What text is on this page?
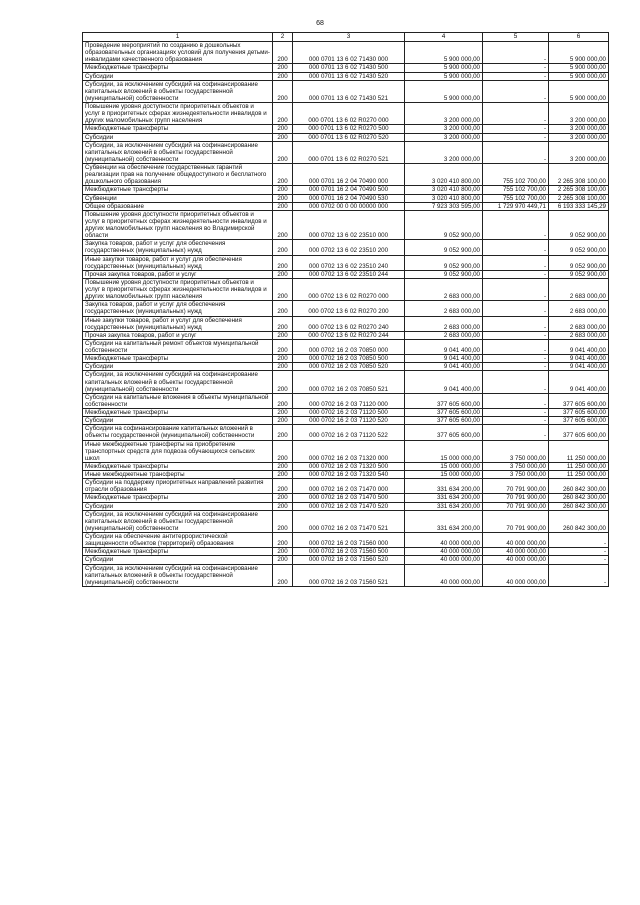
68
1	2	3	4	5	6
Проведение мероприятий по созданию в дошкольных образовательных организациях условий для получения детьми-инвалидами качественного образования	200	000 0701 13 6 02 71430 000	5 900 000,00	-	5 900 000,00
Межбюджетные трансферты	200	000 0701 13 6 02 71430 500	5 900 000,00	-	5 900 000,00
Субсидии	200	000 0701 13 6 02 71430 520	5 900 000,00	-	5 900 000,00
Субсидии, за исключением субсидий на софинансирование капитальных вложений в объекты государственной (муниципальной) собственности	200	000 0701 13 6 02 71430 521	5 900 000,00	-	5 900 000,00
Повышение уровня доступности приоритетных объектов и услуг в приоритетных сферах жизнедеятельности инвалидов и других маломобильных групп населения	200	000 0701 13 6 02 R0270 000	3 200 000,00	-	3 200 000,00
Межбюджетные трансферты	200	000 0701 13 6 02 R0270 500	3 200 000,00	-	3 200 000,00
Субсидии	200	000 0701 13 6 02 R0270 520	3 200 000,00	-	3 200 000,00
Субсидии, за исключением субсидий на софинансирование капитальных вложений в объекты государственной (муниципальной) собственности	200	000 0701 13 6 02 R0270 521	3 200 000,00	-	3 200 000,00
Субвенции на обеспечение государственных гарантий реализации прав на получение общедоступного и бесплатного дошкольного образования	200	000 0701 16 2 04 70490 000	3 020 410 800,00	755 102 700,00	2 265 308 100,00
Межбюджетные трансферты	200	000 0701 16 2 04 70490 500	3 020 410 800,00	755 102 700,00	2 265 308 100,00
Субвенции	200	000 0701 16 2 04 70490 530	3 020 410 800,00	755 102 700,00	2 265 308 100,00
Общее образование	200	000 0702 00 0 00 00000 000	7 923 303 595,00	1 729 970 449,71	6 193 333 145,29
Повышение уровня доступности приоритетных объектов и услуг в приоритетных сферах жизнедеятельности инвалидов и других маломобильных групп населения во Владимирской области	200	000 0702 13 6 02 23510 000	9 052 900,00	-	9 052 900,00
Закупка товаров, работ и услуг для обеспечения государственных (муниципальных) нужд	200	000 0702 13 6 02 23510 200	9 052 900,00	-	9 052 900,00
Иные закупки товаров, работ и услуг для обеспечения государственных (муниципальных) нужд	200	000 0702 13 6 02 23510 240	9 052 900,00	-	9 052 900,00
Прочая закупка товаров, работ и услуг	200	000 0702 13 6 02 23510 244	9 052 900,00	-	9 052 900,00
Повышение уровня доступности приоритетных объектов и услуг в приоритетных сферах жизнедеятельности инвалидов и других маломобильных групп населения	200	000 0702 13 6 02 R0270 000	2 683 000,00	-	2 683 000,00
Закупка товаров, работ и услуг для обеспечения государственных (муниципальных) нужд	200	000 0702 13 6 02 R0270 200	2 683 000,00	-	2 683 000,00
Иные закупки товаров, работ и услуг для обеспечения государственных (муниципальных) нужд	200	000 0702 13 6 02 R0270 240	2 683 000,00	-	2 683 000,00
Прочая закупка товаров, работ и услуг	200	000 0702 13 6 02 R0270 244	2 683 000,00	-	2 683 000,00
Субсидии на капитальный ремонт объектов муниципальной собственности	200	000 0702 16 2 03 70850 000	9 041 400,00	-	9 041 400,00
Межбюджетные трансферты	200	000 0702 16 2 03 70850 500	9 041 400,00	-	9 041 400,00
Субсидии	200	000 0702 16 2 03 70850 520	9 041 400,00	-	9 041 400,00
Субсидии, за исключением субсидий на софинансирование капитальных вложений в объекты государственной (муниципальной) собственности	200	000 0702 16 2 03 70850 521	9 041 400,00	-	9 041 400,00
Субсидии на капитальные вложения в объекты муниципальной собственности	200	000 0702 16 2 03 71120 000	377 605 600,00	-	377 605 600,00
Межбюджетные трансферты	200	000 0702 16 2 03 71120 500	377 605 600,00	-	377 605 600,00
Субсидии	200	000 0702 16 2 03 71120 520	377 605 600,00	-	377 605 600,00
Субсидии на софинансирование капитальных вложений в объекты государственной (муниципальной) собственности	200	000 0702 16 2 03 71120 522	377 605 600,00	-	377 605 600,00
Иные межбюджетные трансферты на приобретение транспортных средств для подвоза обучающихся сельских школ	200	000 0702 16 2 03 71320 000	15 000 000,00	3 750 000,00	11 250 000,00
Межбюджетные трансферты	200	000 0702 16 2 03 71320 500	15 000 000,00	3 750 000,00	11 250 000,00
Иные межбюджетные трансферты	200	000 0702 16 2 03 71320 540	15 000 000,00	3 750 000,00	11 250 000,00
Субсидии на поддержку приоритетных направлений развития отрасли образования	200	000 0702 16 2 03 71470 000	331 634 200,00	70 791 900,00	260 842 300,00
Межбюджетные трансферты	200	000 0702 16 2 03 71470 500	331 634 200,00	70 791 900,00	260 842 300,00
Субсидии	200	000 0702 16 2 03 71470 520	331 634 200,00	70 791 900,00	260 842 300,00
Субсидии, за исключением субсидий на софинансирование капитальных вложений в объекты государственной (муниципальной) собственности	200	000 0702 16 2 03 71470 521	331 634 200,00	70 791 900,00	260 842 300,00
Субсидии на обеспечение антитеррористической защищенности объектов (территорий) образования	200	000 0702 16 2 03 71560 000	40 000 000,00	40 000 000,00	-
Межбюджетные трансферты	200	000 0702 16 2 03 71560 500	40 000 000,00	40 000 000,00	-
Субсидии	200	000 0702 16 2 03 71560 520	40 000 000,00	40 000 000,00	-
Субсидии, за исключением субсидий на софинансирование капитальных вложений в объекты государственной (муниципальной) собственности	200	000 0702 16 2 03 71560 521	40 000 000,00	40 000 000,00	-
